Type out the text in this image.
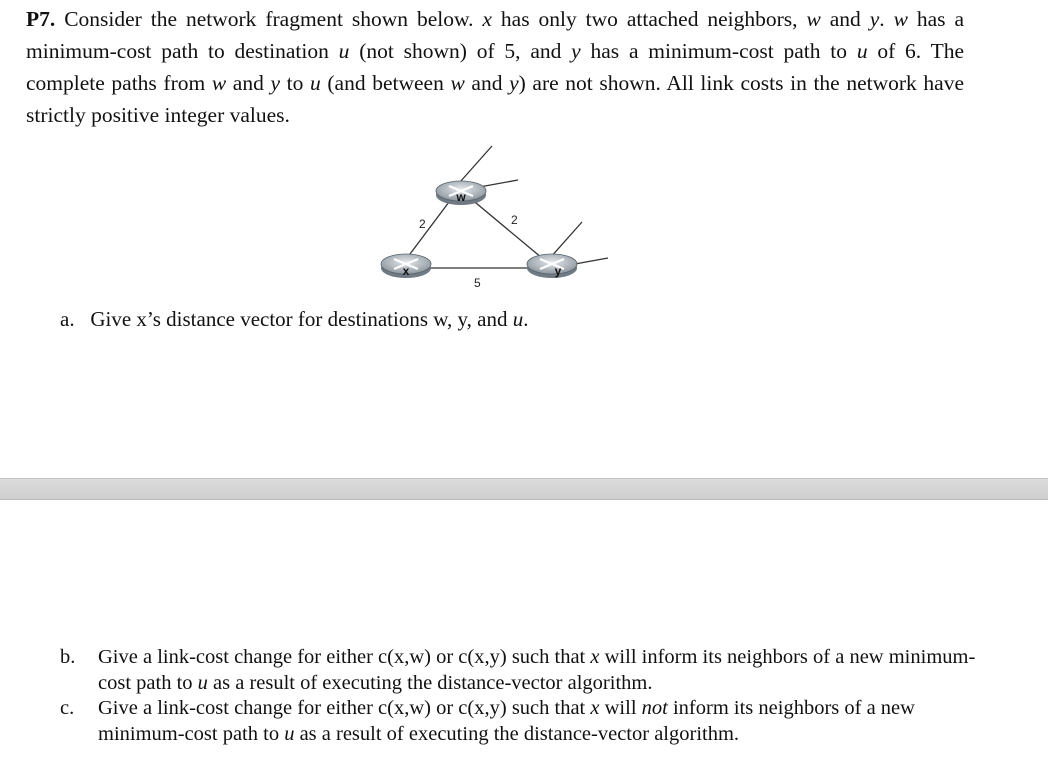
P7. Consider the network fragment shown below. x has only two attached neighbors, w and y. w has a minimum-cost path to destination u (not shown) of 5, and y has a minimum-cost path to u of 6. The complete paths from w and y to u (and between w and y) are not shown. All link costs in the network have strictly positive integer values.

w
x	y
2	2
5

a. Give x’s distance vector for destinations w, y, and u.

b. Give a link-cost change for either c(x,w) or c(x,y) such that x will inform its neighbors of a new minimum-cost path to u as a result of executing the distance-vector algorithm.
c. Give a link-cost change for either c(x,w) or c(x,y) such that x will not inform its neighbors of a new minimum-cost path to u as a result of executing the distance-vector algorithm.
